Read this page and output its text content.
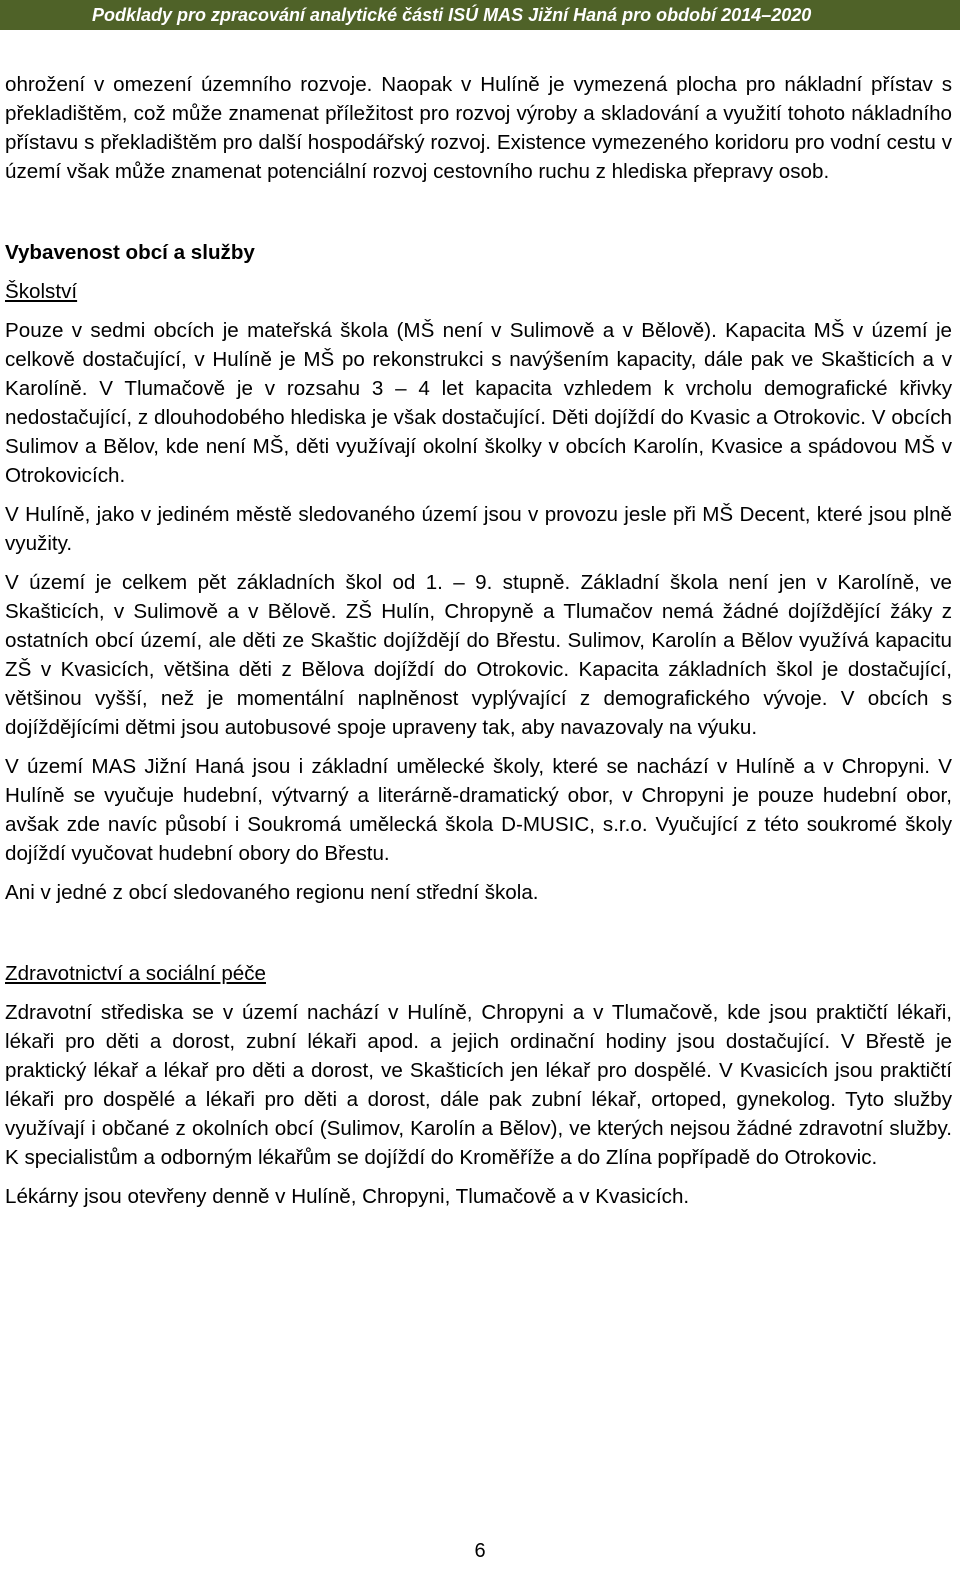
Podklady pro zpracování analytické části ISÚ MAS Jižní Haná pro období 2014–2020

ohrožení v omezení územního rozvoje. Naopak v Hulíně je vymezená plocha pro nákladní přístav s překladištěm, což může znamenat příležitost pro rozvoj výroby a skladování a využití tohoto nákladního přístavu s překladištěm pro další hospodářský rozvoj. Existence vymezeného koridoru pro vodní cestu v území však může znamenat potenciální rozvoj cestovního ruchu z hlediska přepravy osob.

Vybavenost obcí a služby

Školství

Pouze v sedmi obcích je mateřská škola (MŠ není v Sulimově a v Bělově). Kapacita MŠ v území je celkově dostačující, v Hulíně je MŠ po rekonstrukci s navýšením kapacity, dále pak ve Skašticích a v Karolíně. V Tlumačově je v rozsahu 3 – 4 let kapacita vzhledem k vrcholu demografické křivky nedostačující, z dlouhodobého hlediska je však dostačující. Děti dojíždí do Kvasic a Otrokovic. V obcích Sulimov a Bělov, kde není MŠ, děti využívají okolní školky v obcích Karolín, Kvasice a spádovou MŠ v Otrokovicích.

V Hulíně, jako v jediném městě sledovaného území jsou v provozu jesle při MŠ Decent, které jsou plně využity.

V území je celkem pět základních škol od 1. – 9. stupně. Základní škola není jen v Karolíně, ve Skašticích, v Sulimově a v Bělově. ZŠ Hulín, Chropyně a Tlumačov nemá žádné dojíždějící žáky z ostatních obcí území, ale děti ze Skaštic dojíždějí do Břestu. Sulimov, Karolín a Bělov využívá kapacitu ZŠ v Kvasicích, většina děti z Bělova dojíždí do Otrokovic. Kapacita základních škol je dostačující, většinou vyšší, než je momentální naplněnost vyplývající z demografického vývoje. V obcích s dojíždějícími dětmi jsou autobusové spoje upraveny tak, aby navazovaly na výuku.

V území MAS Jižní Haná jsou i základní umělecké školy, které se nachází v Hulíně a v Chropyni. V Hulíně se vyučuje hudební, výtvarný a literárně-dramatický obor, v Chropyni je pouze hudební obor, avšak zde navíc působí i Soukromá umělecká škola D-MUSIC, s.r.o. Vyučující z této soukromé školy dojíždí vyučovat hudební obory do Břestu.

Ani v jedné z obcí sledovaného regionu není střední škola.

Zdravotnictví a sociální péče

Zdravotní střediska se v území nachází v Hulíně, Chropyni a v Tlumačově, kde jsou praktičtí lékaři, lékaři pro děti a dorost, zubní lékaři apod. a jejich ordinační hodiny jsou dostačující. V Břestě je praktický lékař a lékař pro děti a dorost, ve Skašticích jen lékař pro dospělé. V Kvasicích jsou praktičtí lékaři pro dospělé a lékaři pro děti a dorost, dále pak zubní lékař, ortoped, gynekolog. Tyto služby využívají i občané z okolních obcí (Sulimov, Karolín a Bělov), ve kterých nejsou žádné zdravotní služby. K specialistům a odborným lékařům se dojíždí do Kroměříže a do Zlína popřípadě do Otrokovic.

Lékárny jsou otevřeny denně v Hulíně, Chropyni, Tlumačově a v Kvasicích.

6
